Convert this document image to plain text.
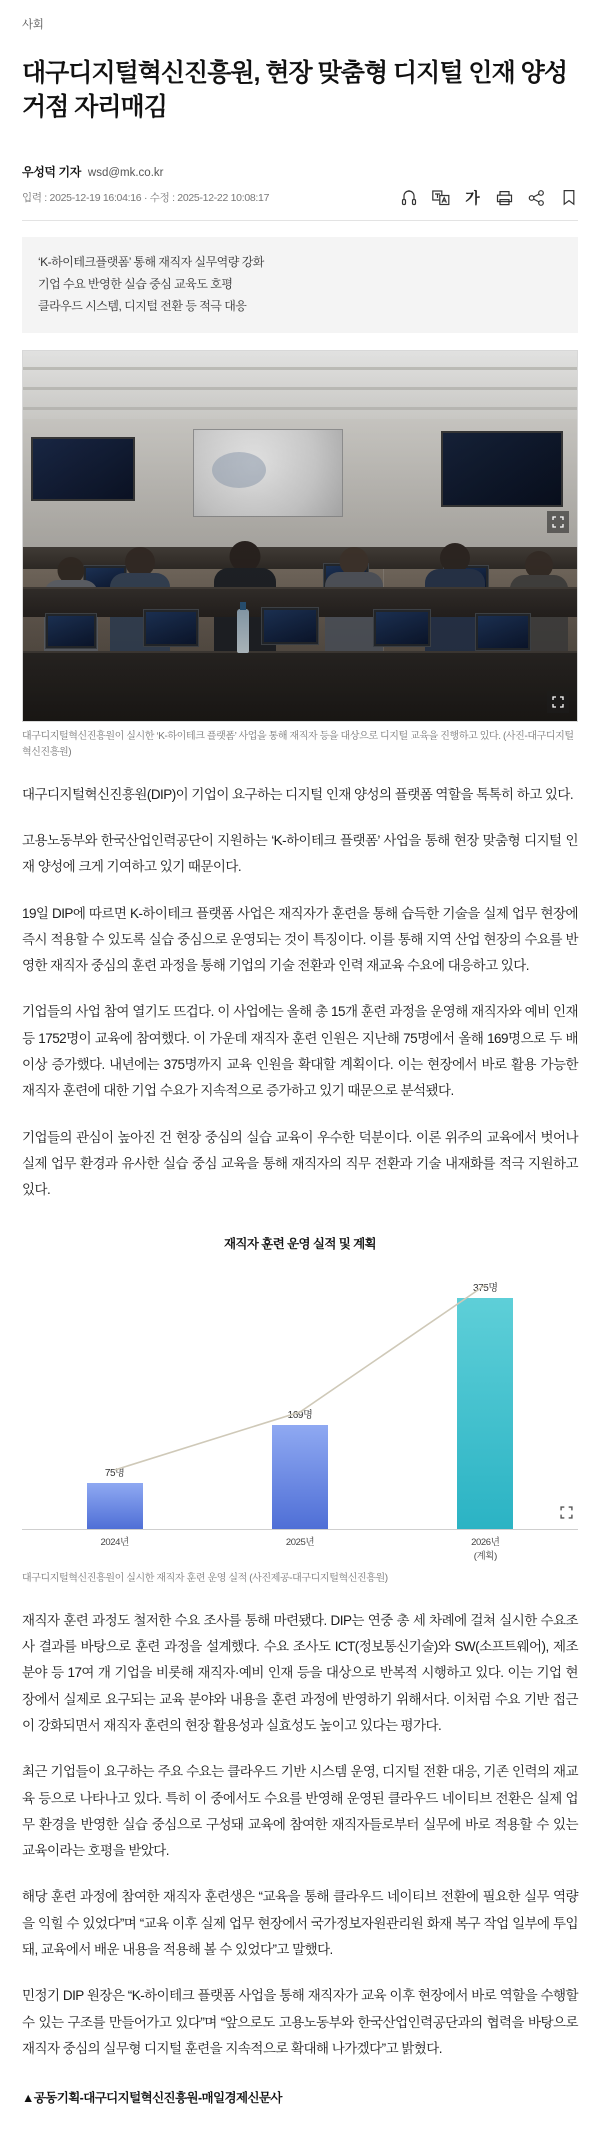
사회
대구디지털혁신진흥원, 현장 맞춤형 디지털 인재 양성 거점 자리매김
우성덕 기자 wsd@mk.co.kr
입력 : 2025-12-19 16:04:16 · 수정 : 2025-12-22 10:08:17	가
‘K-하이테크플랫폼’ 통해 재직자 실무역량 강화
기업 수요 반영한 실습 중심 교육도 호평
클라우드 시스템, 디지털 전환 등 적극 대응
대구디지털혁신진흥원이 실시한 ‘K-하이테크 플랫폼’ 사업을 통해 재직자 등을 대상으로 디지털 교육을 진행하고 있다. (사진-대구디지털혁신진흥원)

대구디지털혁신진흥원(DIP)이 기업이 요구하는 디지털 인재 양성의 플랫폼 역할을 톡톡히 하고 있다.

고용노동부와 한국산업인력공단이 지원하는 ‘K-하이테크 플랫폼’ 사업을 통해 현장 맞춤형 디지털 인재 양성에 크게 기여하고 있기 때문이다.

19일 DIP에 따르면 K-하이테크 플랫폼 사업은 재직자가 훈련을 통해 습득한 기술을 실제 업무 현장에 즉시 적용할 수 있도록 실습 중심으로 운영되는 것이 특징이다. 이를 통해 지역 산업 현장의 수요를 반영한 재직자 중심의 훈련 과정을 통해 기업의 기술 전환과 인력 재교육 수요에 대응하고 있다.

기업들의 사업 참여 열기도 뜨겁다. 이 사업에는 올해 총 15개 훈련 과정을 운영해 재직자와 예비 인재 등 1752명이 교육에 참여했다. 이 가운데 재직자 훈련 인원은 지난해 75명에서 올해 169명으로 두 배 이상 증가했다. 내년에는 375명까지 교육 인원을 확대할 계획이다. 이는 현장에서 바로 활용 가능한 재직자 훈련에 대한 기업 수요가 지속적으로 증가하고 있기 때문으로 분석됐다.

기업들의 관심이 높아진 건 현장 중심의 실습 교육이 우수한 덕분이다. 이론 위주의 교육에서 벗어나 실제 업무 환경과 유사한 실습 중심 교육을 통해 재직자의 직무 전환과 기술 내재화를 적극 지원하고 있다.

재직자 훈련 운영 실적 및 계획
75명
169명
375명
2024년	2025년	2026년
(계획)
대구디지털혁신진흥원이 실시한 재직자 훈련 운영 실적 (사진제공-대구디지털혁신진흥원)

재직자 훈련 과정도 철저한 수요 조사를 통해 마련됐다. DIP는 연중 총 세 차례에 걸쳐 실시한 수요조사 결과를 바탕으로 훈련 과정을 설계했다. 수요 조사도 ICT(정보통신기술)와 SW(소프트웨어), 제조 분야 등 17여 개 기업을 비롯해 재직자·예비 인재 등을 대상으로 반복적 시행하고 있다. 이는 기업 현장에서 실제로 요구되는 교육 분야와 내용을 훈련 과정에 반영하기 위해서다. 이처럼 수요 기반 접근이 강화되면서 재직자 훈련의 현장 활용성과 실효성도 높이고 있다는 평가다.

최근 기업들이 요구하는 주요 수요는 클라우드 기반 시스템 운영, 디지털 전환 대응, 기존 인력의 재교육 등으로 나타나고 있다. 특히 이 중에서도 수요를 반영해 운영된 클라우드 네이티브 전환은 실제 업무 환경을 반영한 실습 중심으로 구성돼 교육에 참여한 재직자들로부터 실무에 바로 적용할 수 있는 교육이라는 호평을 받았다.

해당 훈련 과정에 참여한 재직자 훈련생은 “교육을 통해 클라우드 네이티브 전환에 필요한 실무 역량을 익힐 수 있었다”며 “교육 이후 실제 업무 현장에서 국가정보자원관리원 화재 복구 작업 일부에 투입돼, 교육에서 배운 내용을 적용해 볼 수 있었다”고 말했다.

민정기 DIP 원장은 “K-하이테크 플랫폼 사업을 통해 재직자가 교육 이후 현장에서 바로 역할을 수행할 수 있는 구조를 만들어가고 있다”며 “앞으로도 고용노동부와 한국산업인력공단과의 협력을 바탕으로 재직자 중심의 실무형 디지털 훈련을 지속적으로 확대해 나가겠다”고 밝혔다.

▲공동기획-대구디지털혁신진흥원-매일경제신문사
